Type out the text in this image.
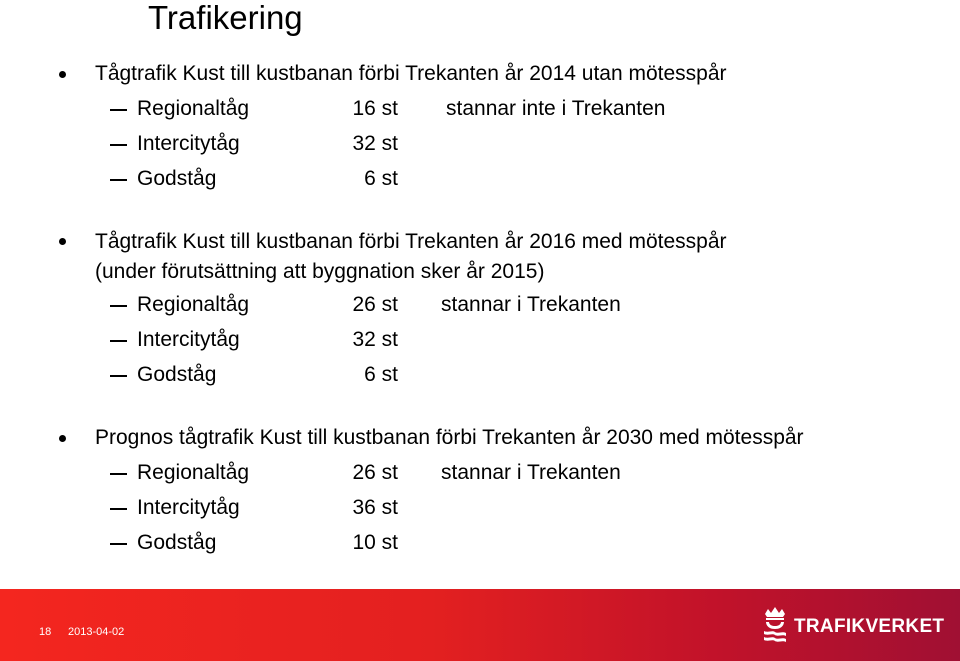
Trafikering
Tågtrafik Kust till kustbanan förbi Trekanten år 2014 utan mötesspår
Regionaltåg	16 st stannar inte i Trekanten
Intercitytåg	32 st
Godståg	6 st
Tågtrafik Kust till kustbanan förbi Trekanten år 2016 med mötesspår
(under förutsättning att byggnation sker år 2015)
Regionaltåg	26 st stannar i Trekanten
Intercitytåg	32 st
Godståg	6 st
Prognos tågtrafik Kust till kustbanan förbi Trekanten år 2030 med mötesspår
Regionaltåg	26 st stannar i Trekanten
Intercitytåg	36 st
Godståg	10 st
18 2013-04-02	TRAFIKVERKET
